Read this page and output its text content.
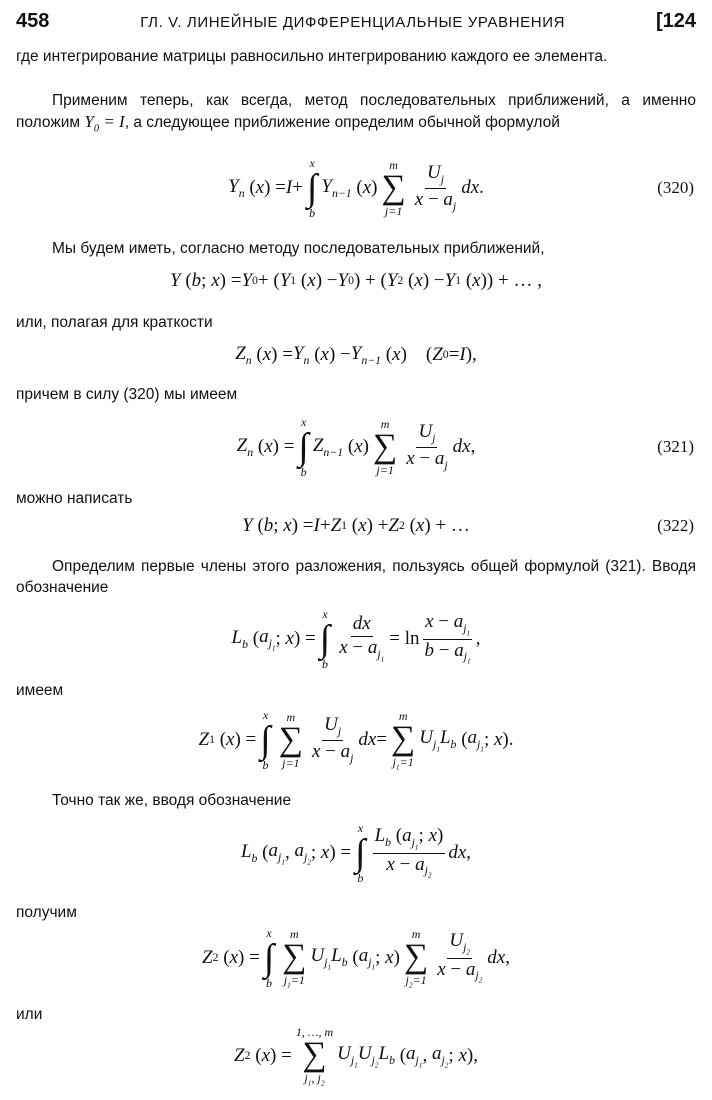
458	ГЛ. V. ЛИНЕЙНЫЕ ДИФФЕРЕНЦИАЛЬНЫЕ УРАВНЕНИЯ	[124

где интегрирование матрицы равносильно интегрированию каждого ее элемента.

Применим теперь, как всегда, метод последовательных приближений, а именно положим $Y_0 = I$, а следующее приближение определим обычной формулой

$Y_n$ ( x ) = I +
x
∫
b
$Y_{n-1}$ ( x )
m
∑
$j=1 \frac{U_j}{x - a_j}$ dx .	(320)

Мы будем иметь, согласно методу последовательных приближений,

Y ( b ; x ) = Y 0 + ( Y 1 ( x ) − Y 0 ) + ( Y 2 ( x ) − Y 1 ( x )) + … ,

или, полагая для краткости

$Z_n$ ( x ) = $Y_n$ ( x ) − $Y_{n-1}$ ( x )    ( Z 0 = I ),

причем в силу (320) мы имеем

$Z_n$ ( x ) =
x
∫
b
$Z_{n-1}$ ( x )
m
∑
$j=1 \frac{U_j}{x - a_j}$ dx ,	(321)

можно написать

Y ( b ; x ) = I + Z 1 ( x ) + Z 2 ( x ) + …	(322)

Определим первые члены этого разложения, пользуясь общей формулой (321). Вводя обозначение

$L_b$ ( $a_{j_1}$ ; x ) =
x
∫
b
$\frac{dx}{x - a_{j_1}} = \ln \frac{x - a_{j_1}}{b - a_{j_1}}$ ,

имеем

Z 1 ( x ) =
x
∫
b
m
∑
$j=1 \frac{U_j}{x - a_j}$ dx =
m
∑
$j_1=1$
$U_{j_1}L_b$ ( $a_{j_1}$ ; x ).

Точно так же, вводя обозначение

$L_b$ ( $a_{j_1}$ , $a_{j_2}$ ; x ) =
x
∫
b $\frac{L_b (a_{j_1}; x)}{x - a_{j_2}}$ dx ,

получим

Z 2 ( x ) =
x
∫
b
m
∑
$j_1=1$
$U_{j_1}L_b$ ( $a_{j_1}$ ; x )
m
∑
$j_2=1 \frac{U_{j_2}}{x - a_{j_2}}$ dx ,

или

Z 2 ( x ) =
1, …, m
∑
$j_1$, $j_2$
$U_{j_1}U_{j_2}L_b$ ( $a_{j_1}$ , $a_{j_2}$ ; x ),
